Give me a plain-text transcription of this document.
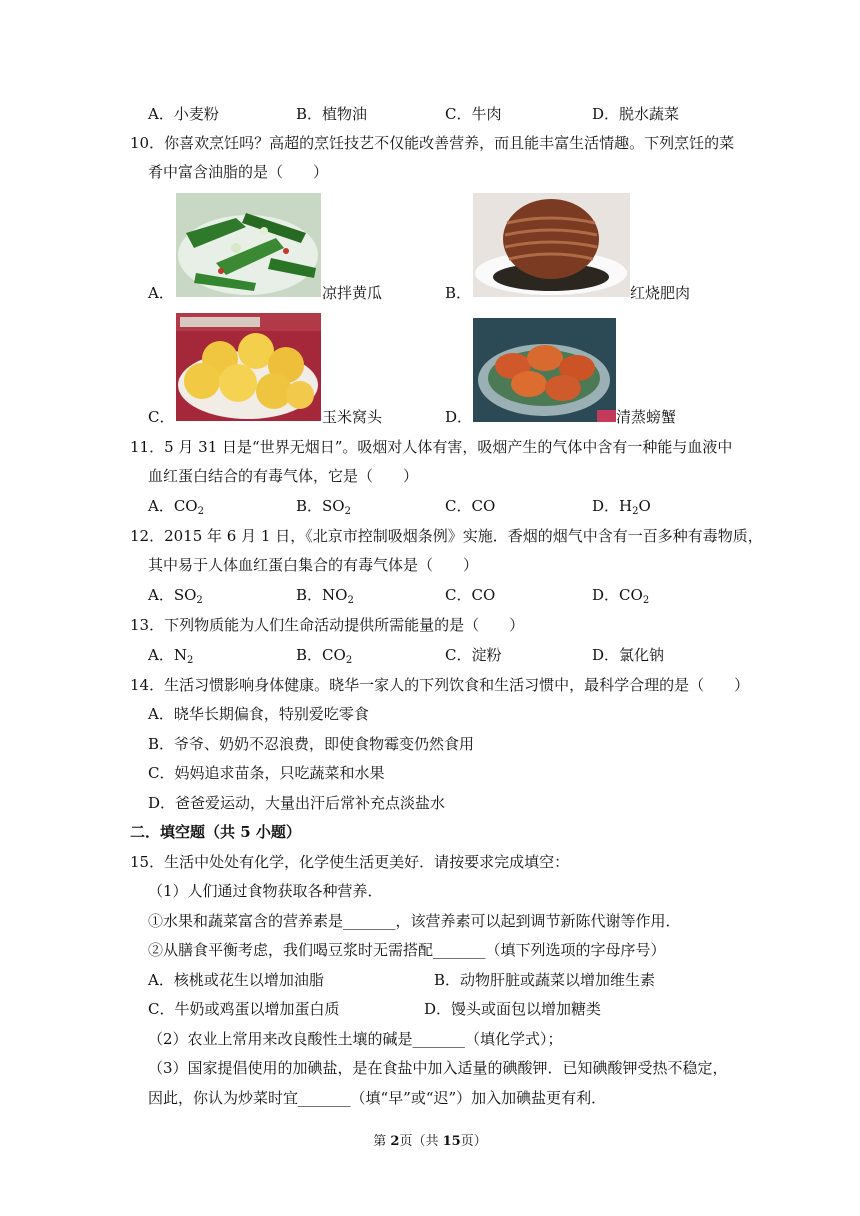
A．小麦粉	B．植物油	C．牛肉	D．脱水蔬菜
10．你喜欢烹饪吗？高超的烹饪技艺不仅能改善营养，而且能丰富生活情趣。下列烹饪的菜
肴中富含油脂的是（　　）
A．	凉拌黄瓜	B．	红烧肥肉
C．	玉米窝头	D．	清蒸螃蟹
11．5 月 31 日是“世界无烟日”。吸烟对人体有害，吸烟产生的气体中含有一种能与血液中
血红蛋白结合的有毒气体，它是（　　）
A．$CO_2$	B．$SO_2$	C．CO	D．$H_2O$
12．2015 年 6 月 1 日，《北京市控制吸烟条例》实施．香烟的烟气中含有一百多种有毒物质，
其中易于人体血红蛋白集合的有毒气体是（　　）
A．$SO_2$	B．$NO_2$	C．CO	D．$CO_2$
13．下列物质能为人们生命活动提供所需能量的是（　　）
A．$N_2$	B．$CO_2$	C．淀粉	D．氯化钠
14．生活习惯影响身体健康。晓华一家人的下列饮食和生活习惯中，最科学合理的是（　　）
A．晓华长期偏食，特别爱吃零食
B．爷爷、奶奶不忍浪费，即使食物霉变仍然食用
C．妈妈追求苗条，只吃蔬菜和水果
D．爸爸爱运动，大量出汗后常补充点淡盐水
二．填空题（共 5 小题）
15．生活中处处有化学，化学使生活更美好．请按要求完成填空：
（1）人们通过食物获取各种营养．
①水果和蔬菜富含的营养素是_______，该营养素可以起到调节新陈代谢等作用．
②从膳食平衡考虑，我们喝豆浆时无需搭配_______（填下列选项的字母序号）
A．核桃或花生以增加油脂	B．动物肝脏或蔬菜以增加维生素
C．牛奶或鸡蛋以增加蛋白质	D．馒头或面包以增加糖类
（2）农业上常用来改良酸性土壤的碱是_______（填化学式）；
（3）国家提倡使用的加碘盐，是在食盐中加入适量的碘酸钾．已知碘酸钾受热不稳定，
因此，你认为炒菜时宜_______（填“早”或“迟”）加入加碘盐更有利．
第 2页（共 15页）
